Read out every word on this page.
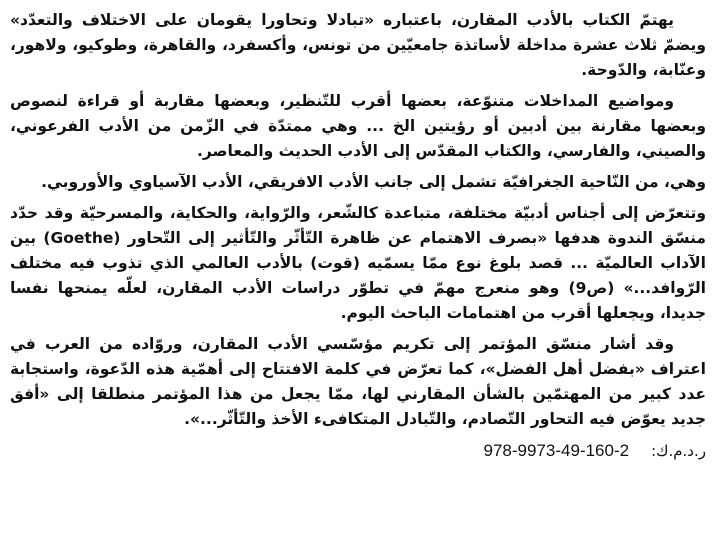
يهتمّ الكتاب بالأدب المقارن، باعتباره «تبادلا وتحاورا يقومان على الاختلاف والتعدّد» ويضمّ ثلاث عشرة مداخلة لأساتذة جامعيّين من تونس، وأكسفرد، والقاهرة، وطوكيو، ولاهور، وعنّابة، والدّوحة.

ومواضيع المداخلات متنوّعة، بعضها أقرب للتّنظير، وبعضها مقاربة أو قراءة لنصوص وبعضها مقارنة بين أدبين أو رؤيتين الخ ... وهي ممتدّة في الزّمن من الأدب الفرعوني، والصيني، والفارسي، والكتاب المقدّس إلى الأدب الحديث والمعاصر.

وهي، من النّاحية الجغرافيّة تشمل إلى جانب الأدب الافريقي، الأدب الآسياوي والأوروبي.

وتتعرّض إلى أجناس أدبيّة مختلفة، متباعدة كالشّعر، والرّواية، والحكاية، والمسرحيّة وقد حدّد منسّق الندوة هدفها «بصرف الاهتمام عن ظاهرة التّأثّر والتّأثير إلى التّحاور (Goethe) بين الآداب العالميّة ... قصد بلوغ نوع ممّا يسمّيه (قوت) بالأدب العالمي الذي تذوب فيه مختلف الرّوافد...» (ص9) وهو منعرج مهمّ في تطوّر دراسات الأدب المقارن، لعلّه يمنحها نفسا جديدا، ويجعلها أقرب من اهتمامات الباحث اليوم.

وقد أشار منسّق المؤتمر إلى تكريم مؤسّسي الأدب المقارن، وروّاده من العرب في اعتراف «بفضل أهل الفضل»، كما تعرّض في كلمة الافتتاح إلى أهمّية هذه الدّعوة، واستجابة عدد كبير من المهتمّين بالشأن المقارني لها، ممّا يجعل من هذا المؤتمر منطلقا إلى «أفق جديد يعوّض فيه التحاور التّصادم، والتّبادل المتكافىء الأخذ والتّأثّر...».

ر.د.م.ك:
978-9973-49-160-2
